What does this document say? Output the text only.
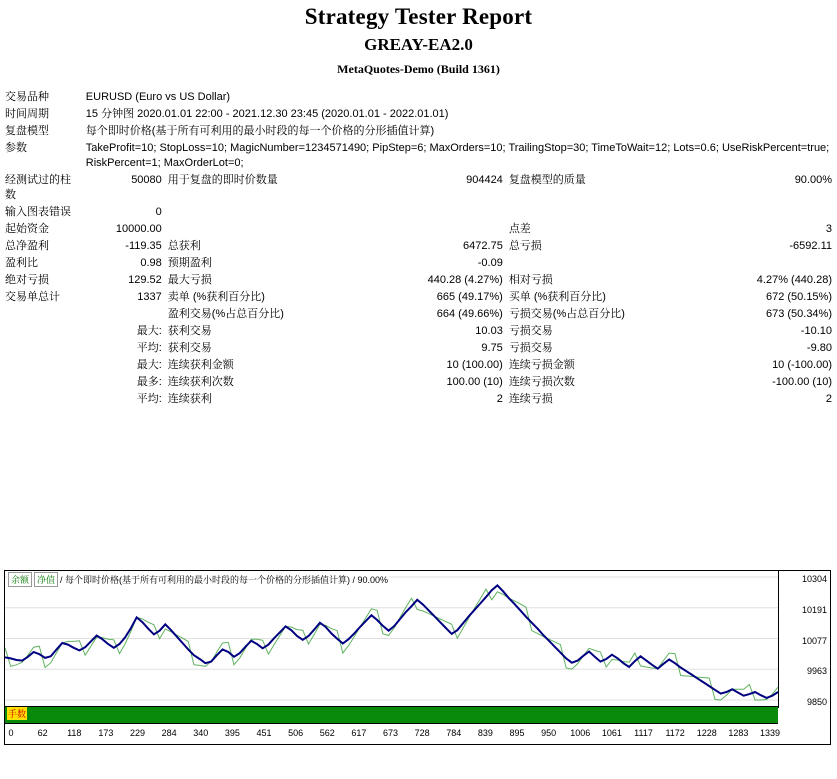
Strategy Tester Report
GREAY-EA2.0
MetaQuotes-Demo (Build 1361)
交易品种	EURUSD (Euro vs US Dollar)				
时间周期	15 分钟图 2020.01.01 22:00 - 2021.12.30 23:45 (2020.01.01 - 2022.01.01)				
复盘模型	每个即时价格(基于所有可利用的最小时段的每一个价格的分形插值计算)				
参数	TakeProfit=10; StopLoss=10; MagicNumber=1234571490; PipStep=6; MaxOrders=10; TrailingStop=30; TimeToWait=12; Lots=0.6; UseRiskPercent=true; RiskPercent=1; MaxOrderLot=0;				
经测试过的柱数	50080	用于复盘的即时价数量	904424	复盘模型的质量	90.00%
输入图表错误	0				
起始资金	10000.00			点差	3
总净盈利	-119.35	总获利	6472.75	总亏损	-6592.11
盈利比	0.98	预期盈利	-0.09		
绝对亏损	129.52	最大亏损	440.28 (4.27%)	相对亏损	4.27% (440.28)
交易单总计	1337	卖单 (%获利百分比)	665 (49.17%)	买单 (%获利百分比)	672 (50.15%)
		盈利交易(%占总百分比)	664 (49.66%)	亏损交易(%占总百分比)	673 (50.34%)
	最大:	获利交易	10.03	亏损交易	-10.10
	平均:	获利交易	9.75	亏损交易	-9.80
	最大:	连续获利金额	10 (100.00)	连续亏损金额	10 (-100.00)
	最多:	连续获利次数	100.00 (10)	连续亏损次数	-100.00 (10)
	平均:	连续获利	2	连续亏损	2
余额 净值 / 每个即时价格(基于所有可利用的最小时段的每一个价格的分形插值计算) / 90.00%	10304
10191
10077
9963
9850
手数
0	62 118 173 229 284 340 395 451 506 562 617 673 728 784 839 895 950 1006 1061 1117 1172 1228 1283 1339
